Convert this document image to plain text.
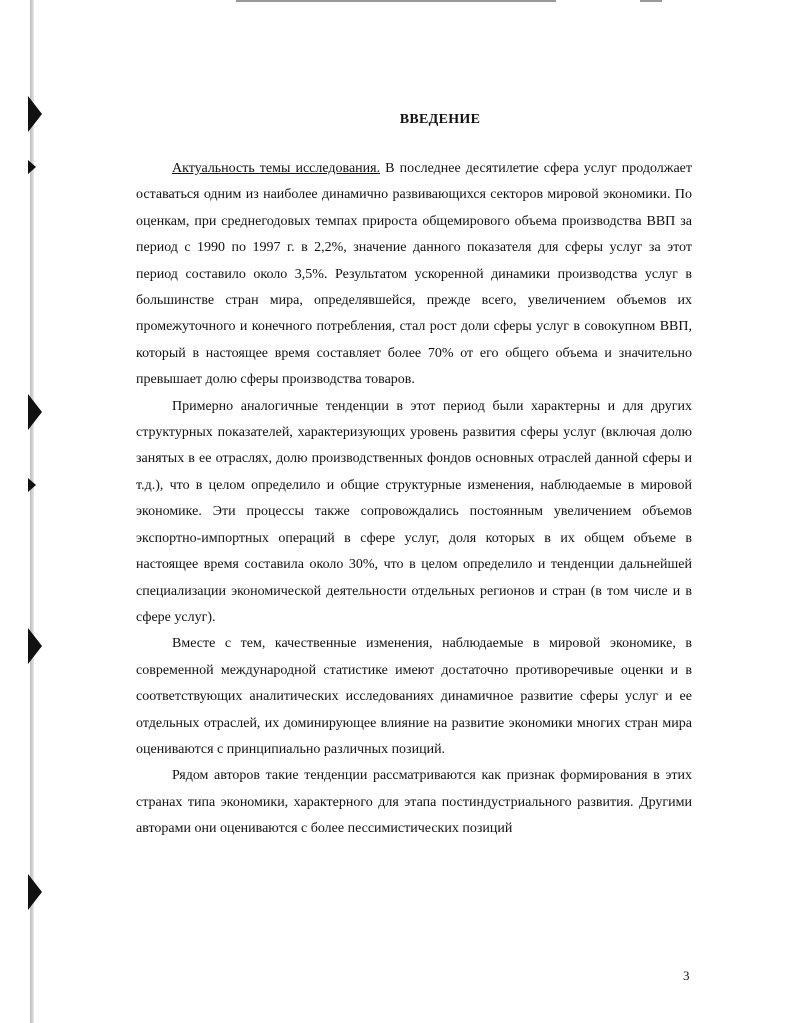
ВВЕДЕНИЕ

Актуальность темы исследования. В последнее десятилетие сфера услуг продолжает оставаться одним из наиболее динамично развивающихся секторов мировой экономики. По оценкам, при среднегодовых темпах прироста общемирового объема производства ВВП за период с 1990 по 1997 г. в 2,2%, значение данного показателя для сферы услуг за этот период составило около 3,5%. Результатом ускоренной динамики производства услуг в большинстве стран мира, определявшейся, прежде всего, увеличением объемов их промежуточного и конечного потребления, стал рост доли сферы услуг в совокупном ВВП, который в настоящее время составляет более 70% от его общего объема и значительно превышает долю сферы производства товаров.

Примерно аналогичные тенденции в этот период были характерны и для других структурных показателей, характеризующих уровень развития сферы услуг (включая долю занятых в ее отраслях, долю производственных фондов основных отраслей данной сферы и т.д.), что в целом определило и общие структурные изменения, наблюдаемые в мировой экономике. Эти процессы также сопровождались постоянным увеличением объемов экспортно-импортных операций в сфере услуг, доля которых в их общем объеме в настоящее время составила около 30%, что в целом определило и тенденции дальнейшей специализации экономической деятельности отдельных регионов и стран (в том числе и в сфере услуг).

Вместе с тем, качественные изменения, наблюдаемые в мировой экономике, в современной международной статистике имеют достаточно противоречивые оценки и в соответствующих аналитических исследованиях динамичное развитие сферы услуг и ее отдельных отраслей, их доминирующее влияние на развитие экономики многих стран мира оцениваются с принципиально различных позиций.

Рядом авторов такие тенденции рассматриваются как признак формирования в этих странах типа экономики, характерного для этапа постиндустриального развития. Другими авторами они оцениваются с более пессимистических позиций

3
